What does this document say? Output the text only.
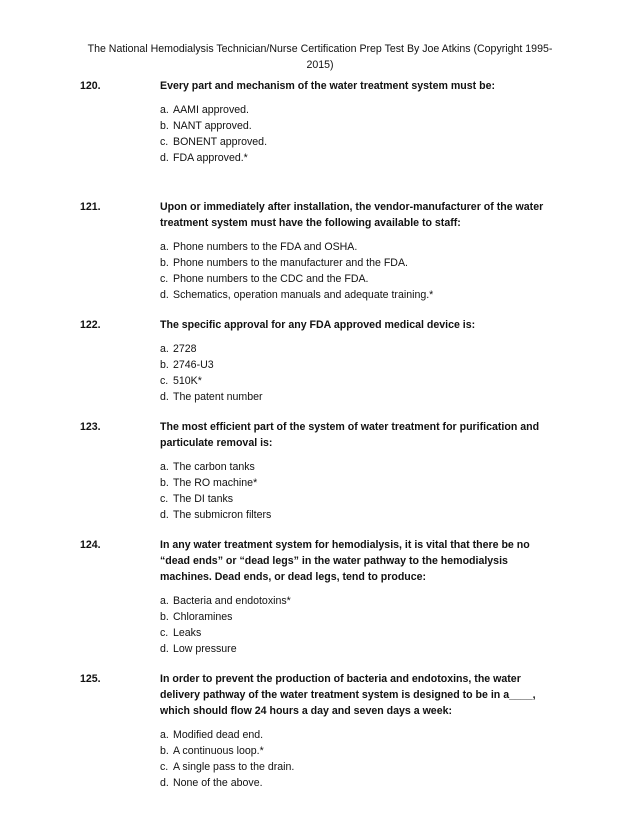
The National Hemodialysis Technician/Nurse Certification Prep Test By Joe Atkins (Copyright 1995-
2015)
120.	Every part and mechanism of the water treatment system must be:
a. AAMI approved.
b. NANT approved.
c. BONENT approved.
d. FDA approved.*
121.	Upon or immediately after installation, the vendor-manufacturer of the water treatment system must have the following available to staff:
a. Phone numbers to the FDA and OSHA.
b. Phone numbers to the manufacturer and the FDA.
c. Phone numbers to the CDC and the FDA.
d. Schematics, operation manuals and adequate training.*
122.	The specific approval for any FDA approved medical device is:
a. 2728
b. 2746-U3
c. 510K*
d. The patent number
123.	The most efficient part of the system of water treatment for purification and particulate removal is:
a. The carbon tanks
b. The RO machine*
c. The DI tanks
d. The submicron filters
124.	In any water treatment system for hemodialysis, it is vital that there be no “dead ends” or “dead legs” in the water pathway to the hemodialysis machines. Dead ends, or dead legs, tend to produce:
a. Bacteria and endotoxins*
b. Chloramines
c. Leaks
d. Low pressure
125.	In order to prevent the production of bacteria and endotoxins, the water delivery pathway of the water treatment system is designed to be in a____, which should flow 24 hours a day and seven days a week:
a. Modified dead end.
b. A continuous loop.*
c. A single pass to the drain.
d. None of the above.
